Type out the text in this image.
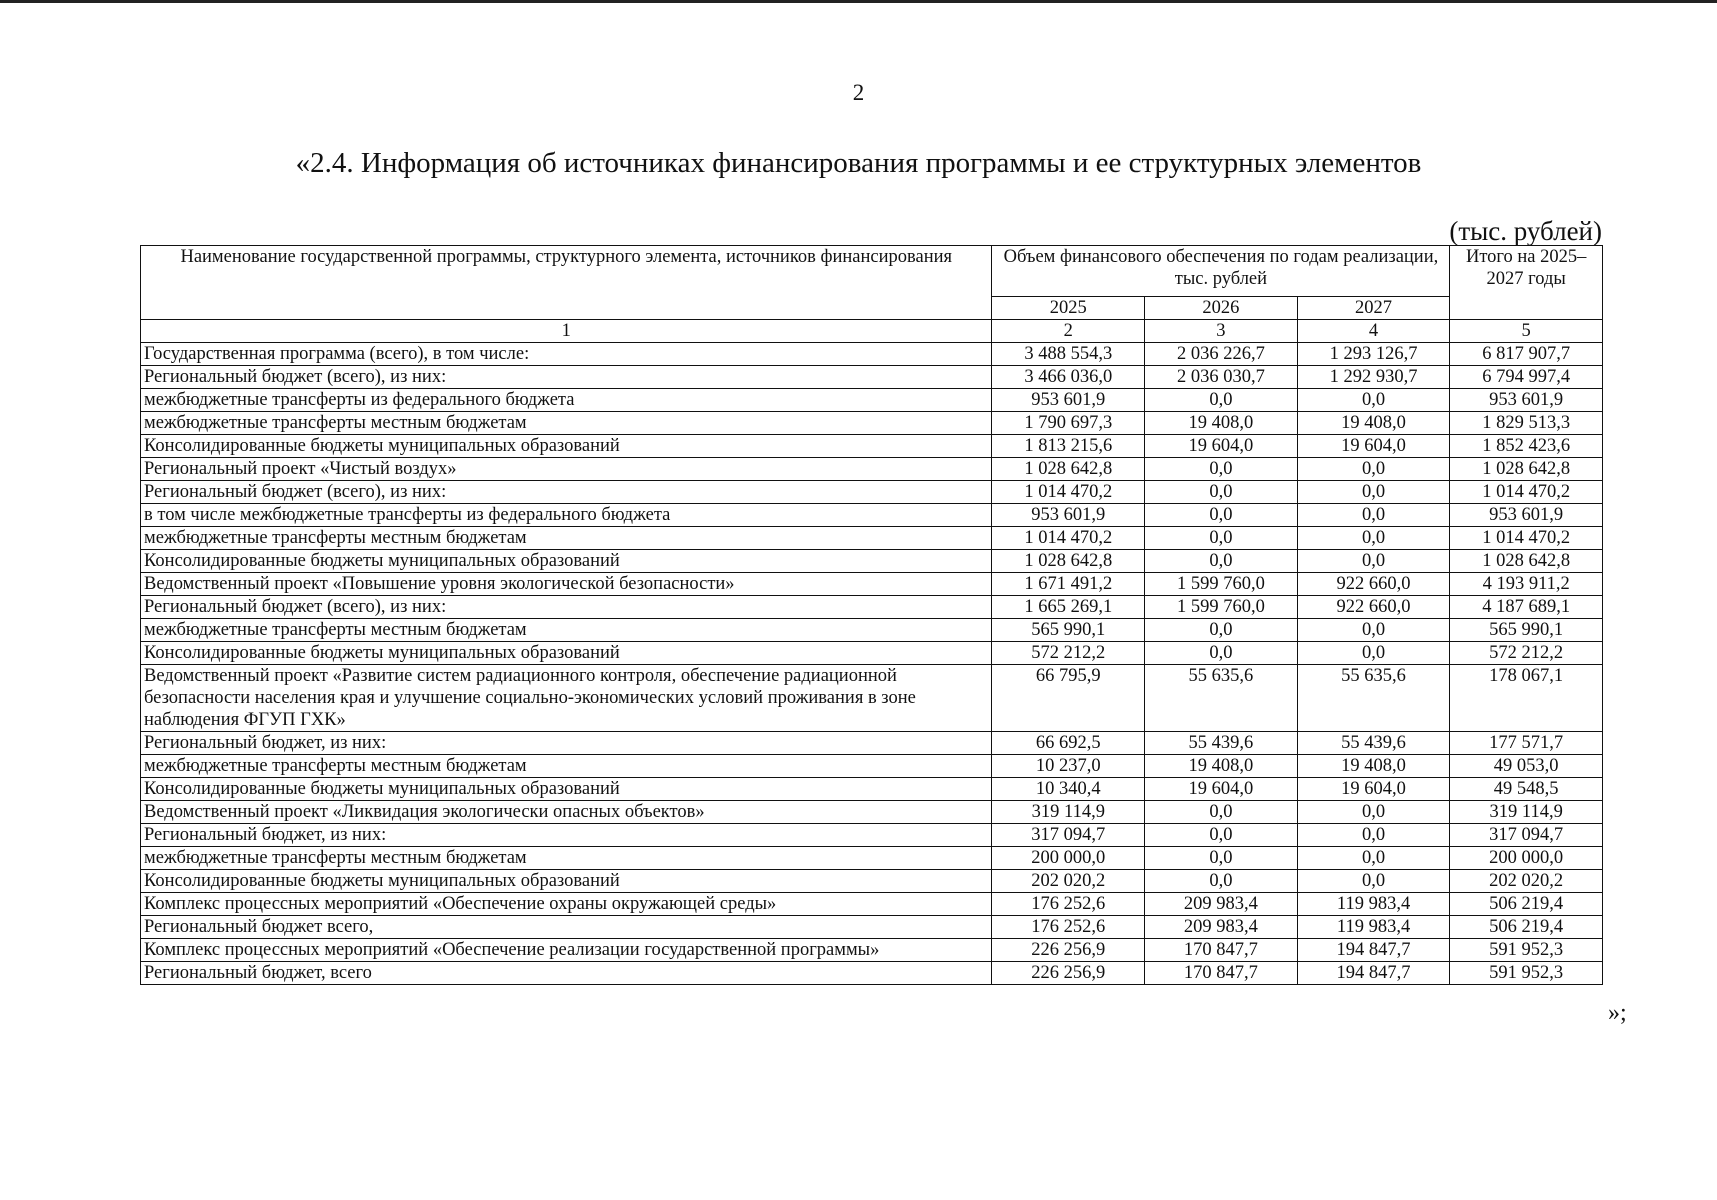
2
«2.4. Информация об источниках финансирования программы и ее структурных элементов
(тыс. рублей)
Наименование государственной программы, структурного элемента, источников финансирования	Объем финансового обеспечения по годам реализации, тыс. рублей			Итого на 2025–2027 годы
	2025	2026	2027	
1	2	3	4	5
Государственная программа (всего), в том числе:	3 488 554,3	2 036 226,7	1 293 126,7	6 817 907,7
Региональный бюджет (всего), из них:	3 466 036,0	2 036 030,7	1 292 930,7	6 794 997,4
межбюджетные трансферты из федерального бюджета	953 601,9	0,0	0,0	953 601,9
межбюджетные трансферты местным бюджетам	1 790 697,3	19 408,0	19 408,0	1 829 513,3
Консолидированные бюджеты муниципальных образований	1 813 215,6	19 604,0	19 604,0	1 852 423,6
Региональный проект «Чистый воздух»	1 028 642,8	0,0	0,0	1 028 642,8
Региональный бюджет (всего), из них:	1 014 470,2	0,0	0,0	1 014 470,2
в том числе межбюджетные трансферты из федерального бюджета	953 601,9	0,0	0,0	953 601,9
межбюджетные трансферты местным бюджетам	1 014 470,2	0,0	0,0	1 014 470,2
Консолидированные бюджеты муниципальных образований	1 028 642,8	0,0	0,0	1 028 642,8
Ведомственный проект «Повышение уровня экологической безопасности»	1 671 491,2	1 599 760,0	922 660,0	4 193 911,2
Региональный бюджет (всего), из них:	1 665 269,1	1 599 760,0	922 660,0	4 187 689,1
межбюджетные трансферты местным бюджетам	565 990,1	0,0	0,0	565 990,1
Консолидированные бюджеты муниципальных образований	572 212,2	0,0	0,0	572 212,2
Ведомственный проект «Развитие систем радиационного контроля, обеспечение радиационной безопасности населения края и улучшение социально-экономических условий проживания в зоне наблюдения ФГУП ГХК»	66 795,9	55 635,6	55 635,6	178 067,1
Региональный бюджет, из них:	66 692,5	55 439,6	55 439,6	177 571,7
межбюджетные трансферты местным бюджетам	10 237,0	19 408,0	19 408,0	49 053,0
Консолидированные бюджеты муниципальных образований	10 340,4	19 604,0	19 604,0	49 548,5
Ведомственный проект «Ликвидация экологически опасных объектов»	319 114,9	0,0	0,0	319 114,9
Региональный бюджет, из них:	317 094,7	0,0	0,0	317 094,7
межбюджетные трансферты местным бюджетам	200 000,0	0,0	0,0	200 000,0
Консолидированные бюджеты муниципальных образований	202 020,2	0,0	0,0	202 020,2
Комплекс процессных мероприятий «Обеспечение охраны окружающей среды»	176 252,6	209 983,4	119 983,4	506 219,4
Региональный бюджет всего,	176 252,6	209 983,4	119 983,4	506 219,4
Комплекс процессных мероприятий «Обеспечение реализации государственной программы»	226 256,9	170 847,7	194 847,7	591 952,3
Региональный бюджет, всего	226 256,9	170 847,7	194 847,7	591 952,3
»;
